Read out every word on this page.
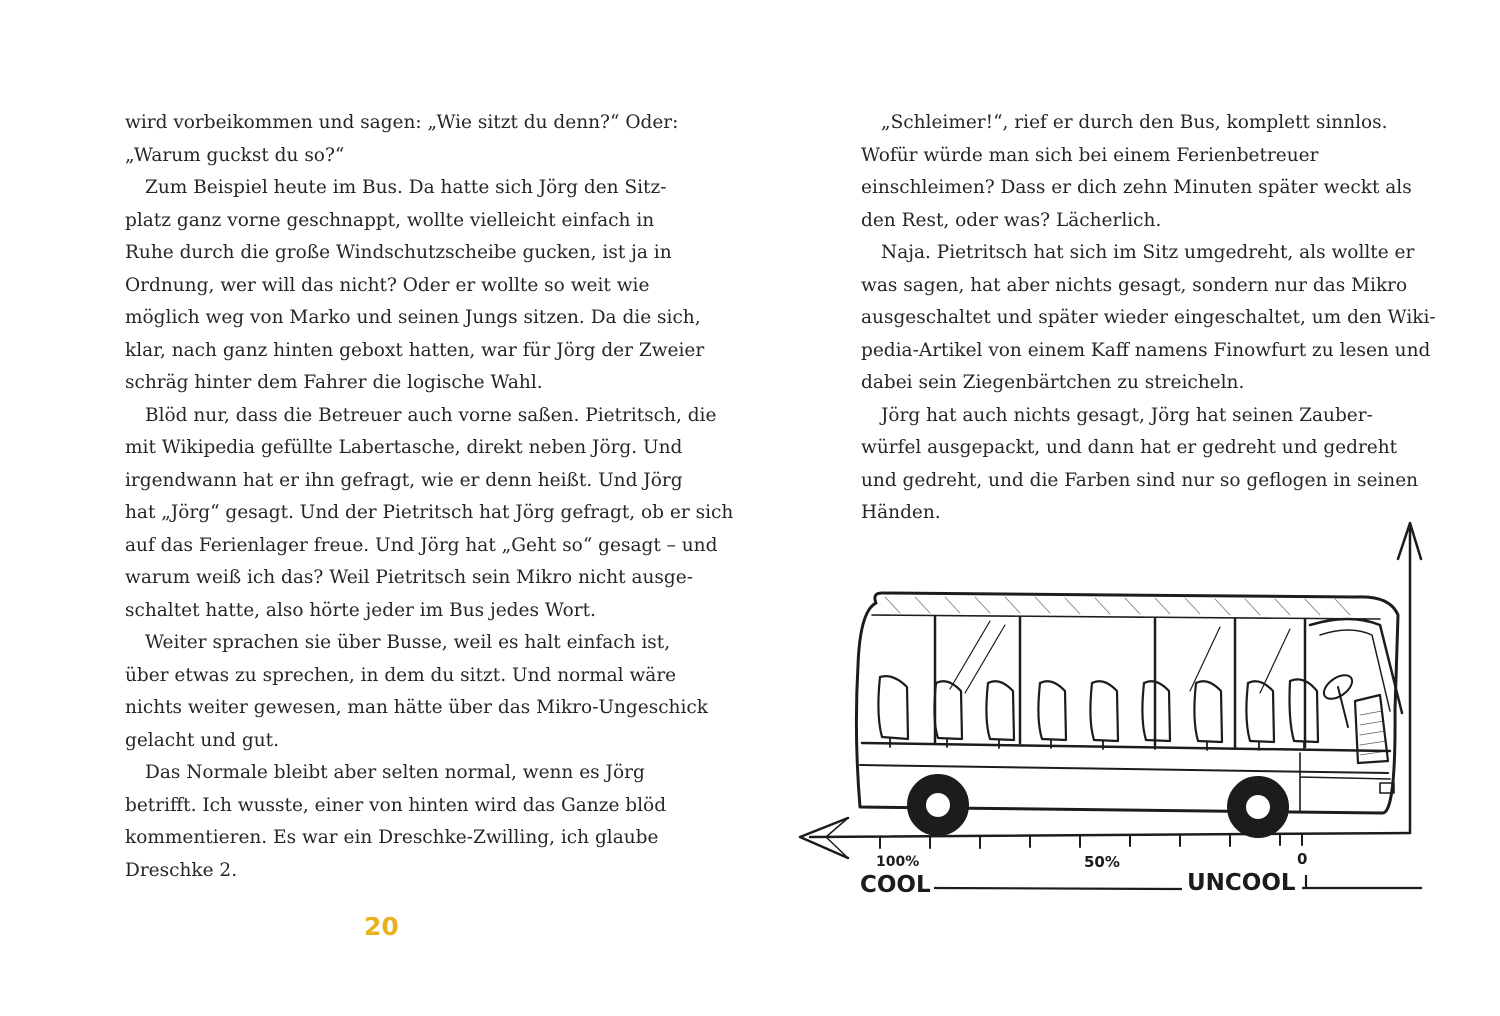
wird vorbeikommen und sagen: „Wie sitzt du denn?“ Oder:

„Warum guckst du so?“

Zum Beispiel heute im Bus. Da hatte sich Jörg den Sitz-

platz ganz vorne geschnappt, wollte vielleicht einfach in

Ruhe durch die große Windschutzscheibe gucken, ist ja in

Ordnung, wer will das nicht? Oder er wollte so weit wie

möglich weg von Marko und seinen Jungs sitzen. Da die sich,

klar, nach ganz hinten geboxt hatten, war für Jörg der Zweier

schräg hinter dem Fahrer die logische Wahl.

Blöd nur, dass die Betreuer auch vorne saßen. Pietritsch, die

mit Wikipedia gefüllte Labertasche, direkt neben Jörg. Und

irgendwann hat er ihn gefragt, wie er denn heißt. Und Jörg

hat „Jörg“ gesagt. Und der Pietritsch hat Jörg gefragt, ob er sich

auf das Ferienlager freue. Und Jörg hat „Geht so“ gesagt – und

warum weiß ich das? Weil Pietritsch sein Mikro nicht ausge-

schaltet hatte, also hörte jeder im Bus jedes Wort.

Weiter sprachen sie über Busse, weil es halt einfach ist,

über etwas zu sprechen, in dem du sitzt. Und normal wäre

nichts weiter gewesen, man hätte über das Mikro-Ungeschick

gelacht und gut.

Das Normale bleibt aber selten normal, wenn es Jörg

betrifft. Ich wusste, einer von hinten wird das Ganze blöd

kommentieren. Es war ein Dreschke-Zwilling, ich glaube

Dreschke 2.

„Schleimer!“, rief er durch den Bus, komplett sinnlos.

Wofür würde man sich bei einem Ferienbetreuer

einschleimen? Dass er dich zehn Minuten später weckt als

den Rest, oder was? Lächerlich.

Naja. Pietritsch hat sich im Sitz umgedreht, als wollte er

was sagen, hat aber nichts gesagt, sondern nur das Mikro

ausgeschaltet und später wieder eingeschaltet, um den Wiki-

pedia-Artikel von einem Kaff namens Finowfurt zu lesen und

dabei sein Ziegenbärtchen zu streicheln.

Jörg hat auch nichts gesagt, Jörg hat seinen Zauber-

würfel ausgepackt, und dann hat er gedreht und gedreht

und gedreht, und die Farben sind nur so geflogen in seinen

Händen.

20
100%
COOL
50%	0
UNCOOL
